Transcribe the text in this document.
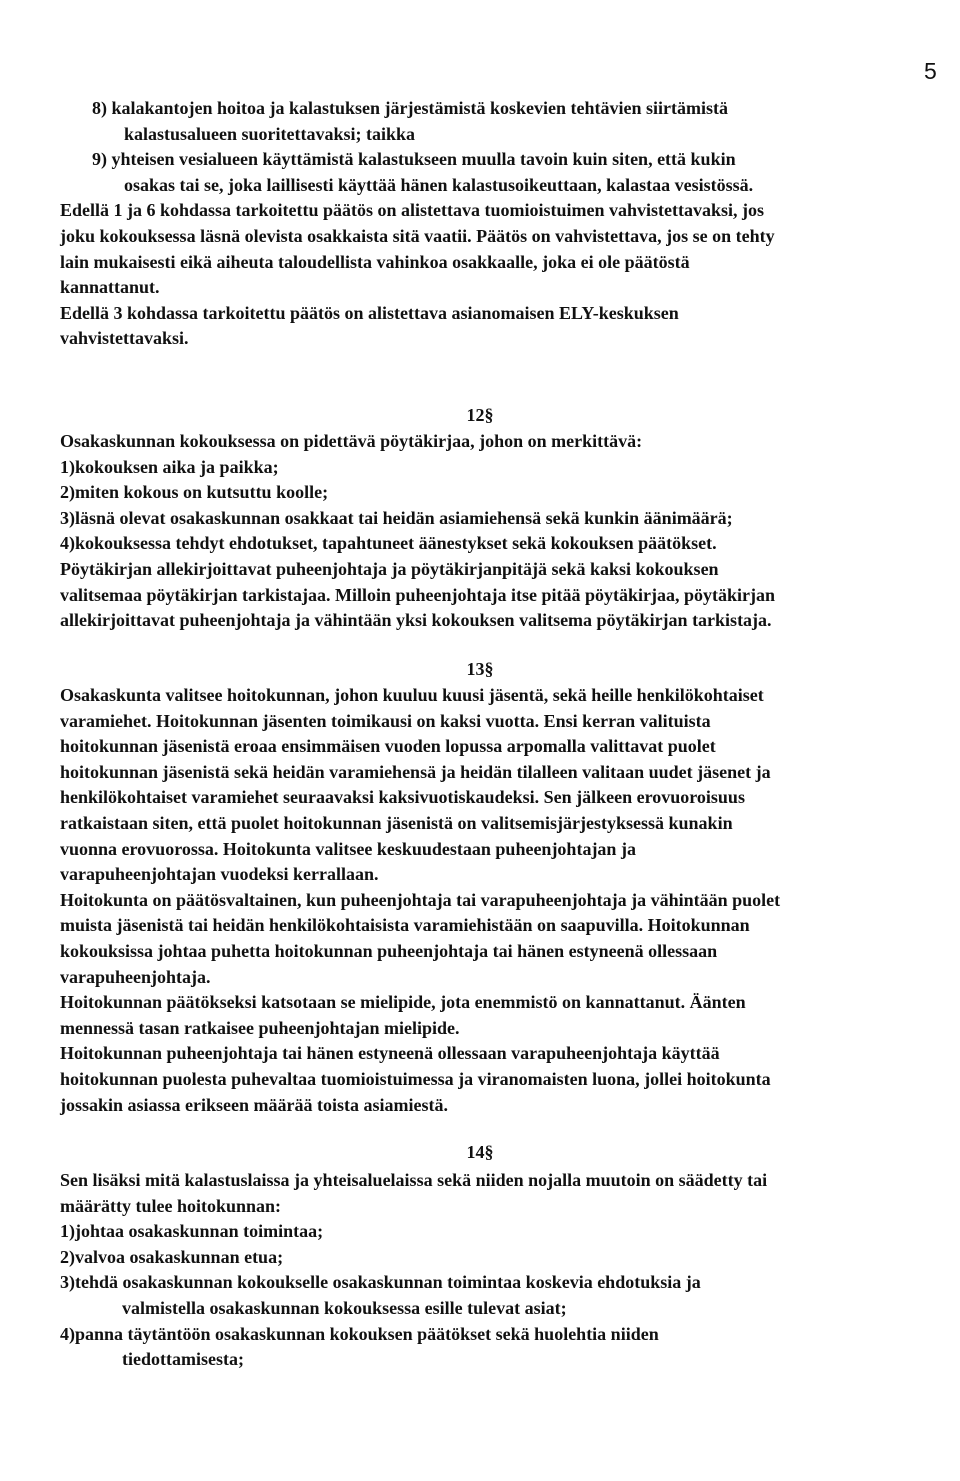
5
8) kalakantojen hoitoa ja kalastuksen järjestämistä koskevien tehtävien siirtämistä
kalastusalueen suoritettavaksi; taikka
9) yhteisen vesialueen käyttämistä kalastukseen muulla tavoin kuin siten, että kukin
osakas tai se, joka laillisesti käyttää hänen kalastusoikeuttaan, kalastaa vesistössä.
Edellä 1 ja 6 kohdassa tarkoitettu päätös on alistettava tuomioistuimen vahvistettavaksi, jos
joku kokouksessa läsnä olevista osakkaista sitä vaatii. Päätös on vahvistettava, jos se on tehty
lain mukaisesti eikä aiheuta taloudellista vahinkoa osakkaalle, joka ei ole päätöstä
kannattanut.
Edellä 3 kohdassa tarkoitettu päätös on alistettava asianomaisen ELY-keskuksen
vahvistettavaksi.
12§
Osakaskunnan kokouksessa on pidettävä pöytäkirjaa, johon on merkittävä:
1)kokouksen aika ja paikka;
2)miten kokous on kutsuttu koolle;
3)läsnä olevat osakaskunnan osakkaat tai heidän asiamiehensä sekä kunkin äänimäärä;
4)kokouksessa tehdyt ehdotukset, tapahtuneet äänestykset sekä kokouksen päätökset.
Pöytäkirjan allekirjoittavat puheenjohtaja ja pöytäkirjanpitäjä sekä kaksi kokouksen
valitsemaa pöytäkirjan tarkistajaa. Milloin puheenjohtaja itse pitää pöytäkirjaa, pöytäkirjan
allekirjoittavat puheenjohtaja ja vähintään yksi kokouksen valitsema pöytäkirjan tarkistaja.
13§
Osakaskunta valitsee hoitokunnan, johon kuuluu kuusi jäsentä, sekä heille henkilökohtaiset
varamiehet. Hoitokunnan jäsenten toimikausi on kaksi vuotta. Ensi kerran valituista
hoitokunnan jäsenistä eroaa ensimmäisen vuoden lopussa arpomalla valittavat puolet
hoitokunnan jäsenistä sekä heidän varamiehensä ja heidän tilalleen valitaan uudet jäsenet ja
henkilökohtaiset varamiehet seuraavaksi kaksivuotiskaudeksi. Sen jälkeen erovuoroisuus
ratkaistaan siten, että puolet hoitokunnan jäsenistä on valitsemisjärjestyksessä kunakin
vuonna erovuorossa. Hoitokunta valitsee keskuudestaan puheenjohtajan ja
varapuheenjohtajan vuodeksi kerrallaan.
Hoitokunta on päätösvaltainen, kun puheenjohtaja tai varapuheenjohtaja ja vähintään puolet
muista jäsenistä tai heidän henkilökohtaisista varamiehistään on saapuvilla. Hoitokunnan
kokouksissa johtaa puhetta hoitokunnan puheenjohtaja tai hänen estyneenä ollessaan
varapuheenjohtaja.
Hoitokunnan päätökseksi katsotaan se mielipide, jota enemmistö on kannattanut. Äänten
mennessä tasan ratkaisee puheenjohtajan mielipide.
Hoitokunnan puheenjohtaja tai hänen estyneenä ollessaan varapuheenjohtaja käyttää
hoitokunnan puolesta puhevaltaa tuomioistuimessa ja viranomaisten luona, jollei hoitokunta
jossakin asiassa erikseen määrää toista asiamiestä.
14§
Sen lisäksi mitä kalastuslaissa ja yhteisaluelaissa sekä niiden nojalla muutoin on säädetty tai
määrätty tulee hoitokunnan:
1)johtaa osakaskunnan toimintaa;
2)valvoa osakaskunnan etua;
3)tehdä osakaskunnan kokoukselle osakaskunnan toimintaa koskevia ehdotuksia ja
valmistella osakaskunnan kokouksessa esille tulevat asiat;
4)panna täytäntöön osakaskunnan kokouksen päätökset sekä huolehtia niiden
tiedottamisesta;
